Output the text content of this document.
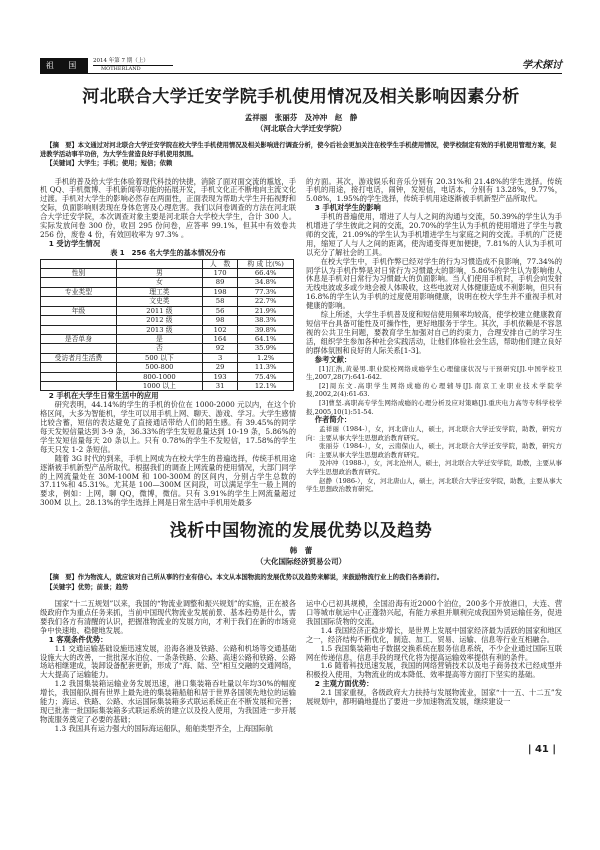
祖 国	2014 年第 7 期（上）
MOTHERLAND	学术探讨
河北联合大学迁安学院手机使用情况及相关影响因素分析
孟祥丽　张丽芬　及冲冲　赵　静
（河北联合大学迁安学院）
【摘　要】本文通过对河北联合大学迁安学院在校大学生手机使用情况及相关影响进行调查分析，使今后社会更加关注在校学生手机使用情况，使学校制定有效的手机使用管理方案，促进教学活动事半功倍，为大学生营造良好手机使用氛围。
【关键词】大学生；手机；使用；短信；依赖

手机的普及给大学生体验着现代科技的快捷，消除了面对面交流的尴尬，手机 QQ、手机微博、手机新闻等功能的拓展开发，手机文化正不断地向主流文化过渡。手机对大学生的影响必然存在两面性，正面表现为帮助大学生开拓视野和交际，负面影响则表现在身体危害及心理危害。我们以问卷调查的方法在河北联合大学迁安学院，本次调查对象主要是河北联合大学校大学生，合计 300 人。实际发放问卷 300 份，收回 295 份问卷，应答率 99.1%，但其中有效卷共 256 份，废卷 4 份，有效回收率为 97.3% 。

1 受访学生情况

表 1　256 名大学生的基本情况分布

		人　数	构 成 比(%)
性别	男	170	66.4%
	女	89	34.8%
专业类型	理工类	198	77.3%
	文史类	58	22.7%
年级	2011 级	56	21.9%
	2012 级	98	38.3%
	2013 级	102	39.8%
是否单身	是	164	64.1%
	否	92	35.9%
受访者月生活费	500 以下	3	1.2%
	500-800	29	11.3%
	800-1000	193	75.4%
	1000 以上	31	12.1%

2 手机在大学生日常生活中的应用

研究表明，44.14%的学生的手机的价位在 1000-2000 元以内，在这个价格区间，大多为智能机，学生可以用手机上网、聊天、游戏、学习。大学生感情比较含蓄，短信的表达避免了直接通话带给人们的陌生感。有 39.45%的同学每天发短信量达到 3-9 条，36.33%的学生发短息量达到 10-19 条，5.86%的学生发短信量每天 20 条以上。只有 0.78%的学生不发短信，17.58%的学生每天只发 1-2 条短信。

随着 3G 时代的到来，手机上网成为在校大学生的普遍选择，传统手机用途逐渐被手机新型产品所取代。根据我们的调查上网流量的使用情况，大部门同学的上网流量处在 30M-100M 和 100-300M 的区间内，分别占学生总数的 37.11%和 45.31%。尤其是 100—300M 区间段，可以满足学生一般上网的要求，例如：上网，聊 QQ，微博，微信。只有 3.91%的学生上网流量超过 300M 以上。28.13%的学生选择上网是日常生活中手机用处最多

的方面。其次，游戏娱乐和音乐分别有 20.31%和 21.48%的学生选择。传统手机的用途，接打电话，闹钟，发短信，电话本，分别有 13.28%，9.77%，5.08%，1.95%的学生选择，传统手机用途逐渐被手机新型产品所取代。

3 手机对学生的影响

手机的普遍使用，增进了人与人之间的沟通与交流，50.39%的学生认为手机增进了学生彼此之间的交流，20.70%的学生认为手机的使用增进了学生与教师的交流，21.09%的学生认为手机增进学生与家庭之间的交流。手机的广泛使用，缩短了人与人之间的距离，使沟通变得更加便捷，7.81%的人认为手机可以充分了解社会的工具。

在校大学生中，手机作弊已经对学生的行为习惯造成不良影响，77.34%的同学认为手机作弊是对日常行为习惯最大的影响，5.86%的学生认为影响他人休息是手机对日常行为习惯最大的负面影响。当人们使用手机时，手机会向发射无线电波或多或少地会被人体吸收，这些电波对人体健康造成不利影响，但只有 16.8%的学生认为手机的过度使用影响健康，说明在校大学生并不重视手机对健康的影响。

综上所述，大学生手机普及度和短信使用频率均较高，使学校建立健康教育短信平台具备可能性及可操作性，更好地服务于学生。其次，手机依赖是不容忽视的公共卫生问题，要教育学生加强对自己的约束力，合理安排自己的学习生活，组织学生参加各种社会实践活动，让他们体验社会生活，帮助他们建立良好的群体氛围和良好的人际关系[1-3]。

参考文献：

[1]江浩,黄晏男.职业院校网络成瘾学生心理健康状况与干预研究[J].中国学校卫生,2007,28(7):641-642.

[2]周东文.高职学生网络成瘾的心理辅导[J].南京工业职业技术学院学报,2002,2(4):61-63.

[3]曹坚.高职高专学生网络成瘾的心理分析及应对策略[J].重庆电力高等专科学校学报,2005,10(1):51-54.

作者简介：

孟祥丽（1984-），女，河北唐山人，硕士，河北联合大学迁安学院，助教，研究方向：主要从事大学生思想政治教育研究。

张丽芬（1984-），女，云南保山人，硕士，河北联合大学迁安学院，助教，研究方向：主要从事大学生思想政治教育研究。

及冲冲（1988-），女，河北沧州人，硕士，河北联合大学迁安学院，助教，主要从事大学生思想政治教育研究。

赵静（1986-），女，河北唐山人，硕士，河北联合大学迁安学院，助教，主要从事大学生思想政治教育研究。

浅析中国物流的发展优势以及趋势
韩　蕾
（大化国际经济贸易公司）
【摘　要】作为物流人，就应该对自己所从事的行业有信心。本文从本国物流的发展优势以及趋势来解说，来鼓励物流行业上的我们各勇前行。
【关键字】优势；前景；趋势

国家“十二五规划”以来，我国的“物流业调整和振兴规划”的实施，正在被各级政府作为重点任务来抓，当前中国现代物流业发展前景、基本趋势是什么，需要我们各方有清醒的认识，把握准物流业的发展方向，才利于我们在新的市场竞争中快速地、稳健地发展。

1 客观条件优势：

1.1 交通运输基础设施迅速发展，沿海各港及铁路、公路和机场等交通基础设施大大的改善，一批批深水泊位、一条条铁路、公路、高速公路和铁路、公路场站相继建成，装卸设备配套更新，形成了“海、陆、空”相互交融的交通网络，大大提高了运输能力。

1.2 我国集装箱运输业务发展迅速，港口集装箱吞吐量以年均30%的幅度增长，我国船队拥有世界上最先进的集装箱船舶和居于世界各国领先地位的运输能力；海运、铁路、公路、水运国际集装箱多式联运系统正在不断发展和完善；现已批准一批国际集装箱多式联运系统的建立以及投入使用，为我国进一步开展物流服务奠定了必要的基础；

1.3 我国具有运力强大的国际海运船队，船舶类型齐全，上海国际航

运中心已初具规模，全国沿海有近2000个泊位，200多个开放港口，大连、营口等城市航运中心正蓬勃兴起，有能力承担并顺利完成我国外贸运输任务，促进我国国际货物的交流。

1.4 我国经济正稳步增长，是世界上发展中国家经济最为活跃的国家和地区之一，经济结构不断优化，制造、加工、贸易、运输、信息等行业互相融合。

1.5 我国集装箱电子数据交换系统在服务信息系统，不少企业通过国际互联网在传递信息，信息手段的现代化将为提高运输效率提供有利的条件。

1.6 随着科技迅速发展，我国的网络营销技术以及电子商务技术已经成型并积极投入使用，为物流业的成本降低、效率提高等方面打下坚实的基础。

2 主观方面优势：

2.1 国家重视，各级政府大力扶持与发展物流业，国家“十一五、十二五”发展规划中，都明确地提出了要进一步加速物流发展，继续建设一

| 41 |
